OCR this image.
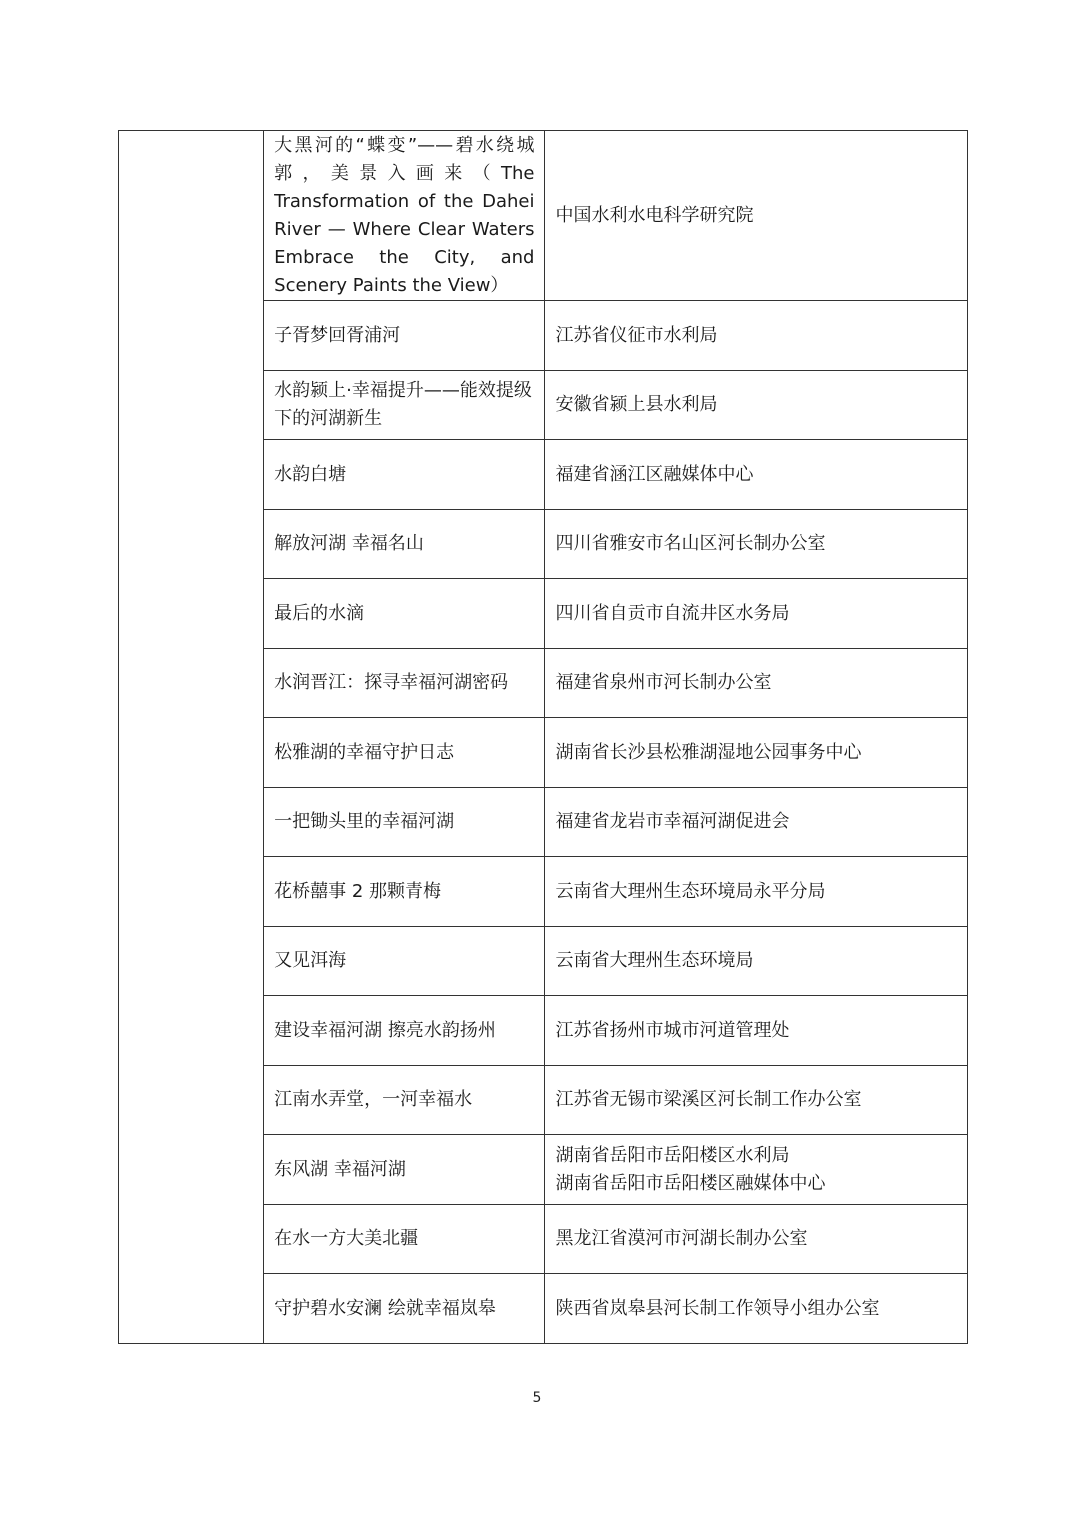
	大黑河的“蝶变”——碧水绕城郭，美景入画来（The Transformation of the Dahei River — Where Clear Waters Embrace the City, and Scenery Paints the View）	中国水利水电科学研究院
	子胥梦回胥浦河	江苏省仪征市水利局
	水韵颍上·幸福提升——能效提级下的河湖新生	安徽省颍上县水利局
	水韵白塘	福建省涵江区融媒体中心
	解放河湖 幸福名山	四川省雅安市名山区河长制办公室
	最后的水滴	四川省自贡市自流井区水务局
	水润晋江：探寻幸福河湖密码	福建省泉州市河长制办公室
	松雅湖的幸福守护日志	湖南省长沙县松雅湖湿地公园事务中心
	一把锄头里的幸福河湖	福建省龙岩市幸福河湖促进会
	花桥囍事 2 那颗青梅	云南省大理州生态环境局永平分局
	又见洱海	云南省大理州生态环境局
	建设幸福河湖 擦亮水韵扬州	江苏省扬州市城市河道管理处
	江南水弄堂，一河幸福水	江苏省无锡市梁溪区河长制工作办公室
	东风湖 幸福河湖	湖南省岳阳市岳阳楼区水利局
湖南省岳阳市岳阳楼区融媒体中心

	在水一方大美北疆	黑龙江省漠河市河湖长制办公室
	守护碧水安澜 绘就幸福岚皋	陕西省岚皋县河长制工作领导小组办公室
5
